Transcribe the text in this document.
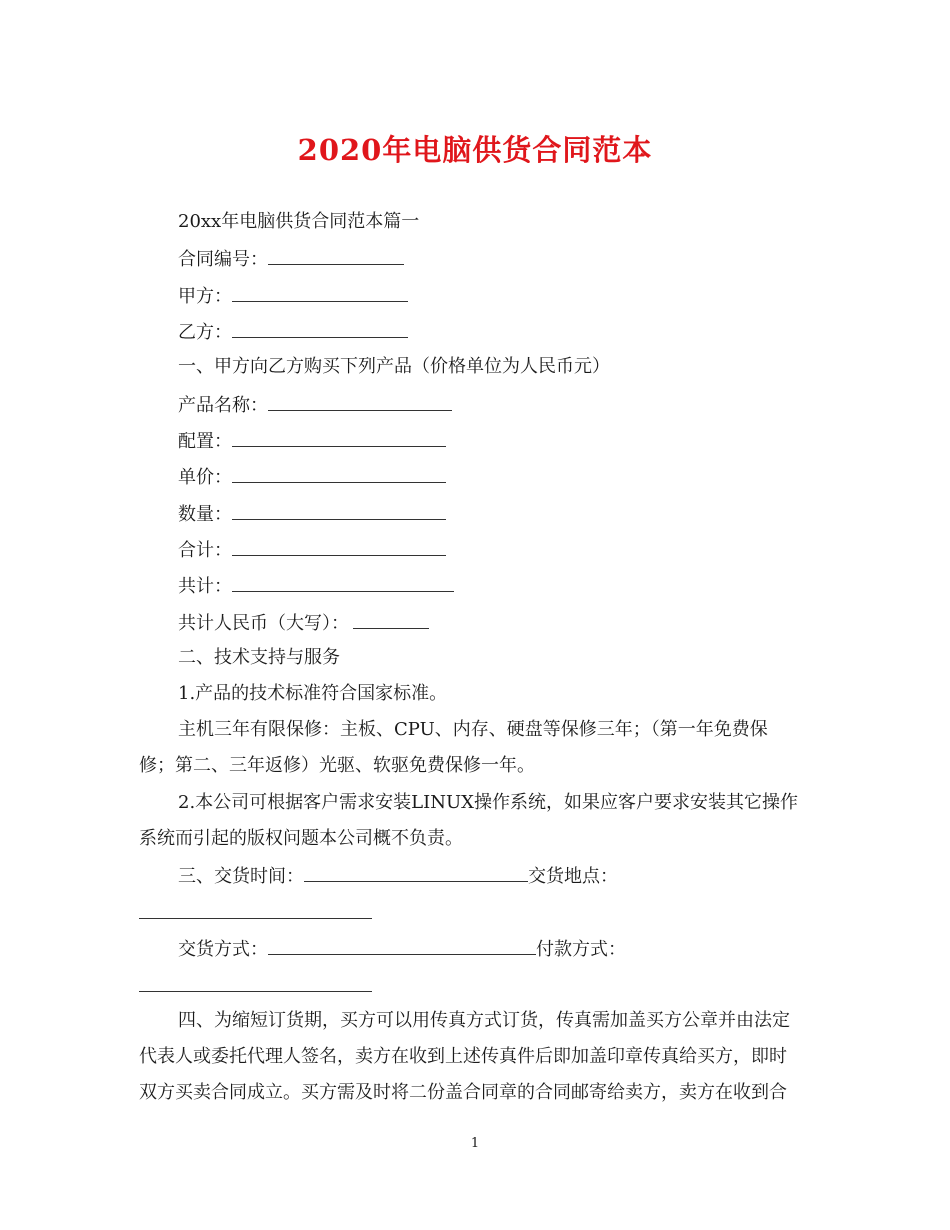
2020年电脑供货合同范本
20xx年电脑供货合同范本篇一
合同编号：
甲方：
乙方：
一、甲方向乙方购买下列产品（价格单位为人民币元）
产品名称：
配置：
单价：
数量：
合计：
共计：
共计人民币（大写）：
二、技术支持与服务
1.产品的技术标准符合国家标准。
主机三年有限保修：主板、CPU、内存、硬盘等保修三年；（第一年免费保
修；第二、三年返修）光驱、软驱免费保修一年。
2.本公司可根据客户需求安装LINUX操作系统，如果应客户要求安装其它操作
系统而引起的版权问题本公司概不负责。
三、交货时间：	交货地点：
交货方式：	付款方式：
四、为缩短订货期，买方可以用传真方式订货，传真需加盖买方公章并由法定
代表人或委托代理人签名，卖方在收到上述传真件后即加盖印章传真给买方，即时
双方买卖合同成立。买方需及时将二份盖合同章的合同邮寄给卖方，卖方在收到合
1
